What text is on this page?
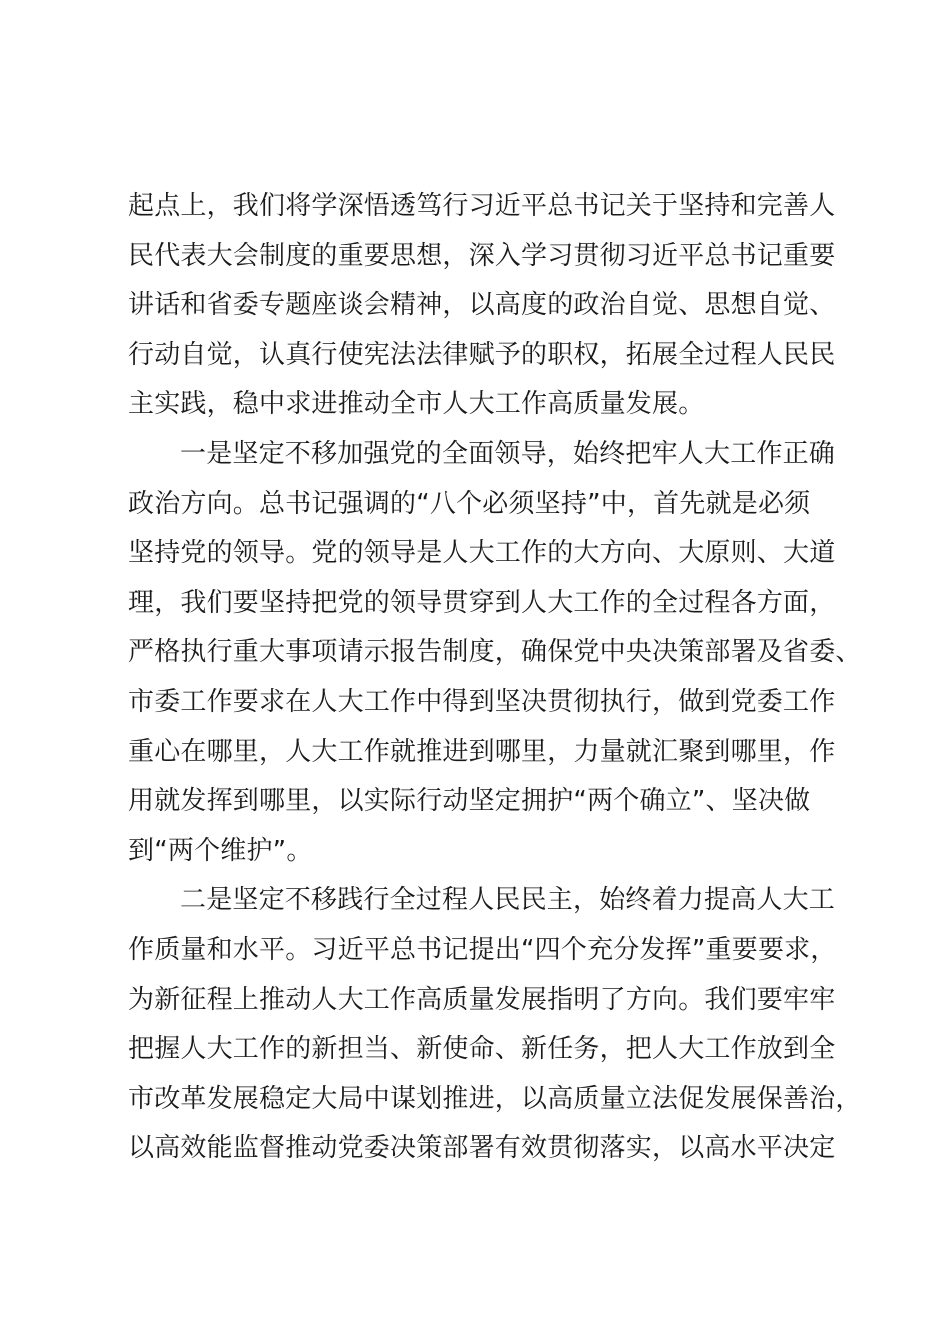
起点上，我们将学深悟透笃行习近平总书记关于坚持和完善人
民代表大会制度的重要思想，深入学习贯彻习近平总书记重要
讲话和省委专题座谈会精神，以高度的政治自觉、思想自觉、
行动自觉，认真行使宪法法律赋予的职权，拓展全过程人民民
主实践，稳中求进推动全市人大工作高质量发展。
一是坚定不移加强党的全面领导，始终把牢人大工作正确
政治方向。总书记强调的“八个必须坚持”中，首先就是必须
坚持党的领导。党的领导是人大工作的大方向、大原则、大道
理，我们要坚持把党的领导贯穿到人大工作的全过程各方面，
严格执行重大事项请示报告制度，确保党中央决策部署及省委、
市委工作要求在人大工作中得到坚决贯彻执行，做到党委工作
重心在哪里，人大工作就推进到哪里，力量就汇聚到哪里，作
用就发挥到哪里，以实际行动坚定拥护“两个确立”、坚决做
到“两个维护”。
二是坚定不移践行全过程人民民主，始终着力提高人大工
作质量和水平。习近平总书记提出“四个充分发挥”重要要求，
为新征程上推动人大工作高质量发展指明了方向。我们要牢牢
把握人大工作的新担当、新使命、新任务，把人大工作放到全
市改革发展稳定大局中谋划推进，以高质量立法促发展保善治，
以高效能监督推动党委决策部署有效贯彻落实，以高水平决定
